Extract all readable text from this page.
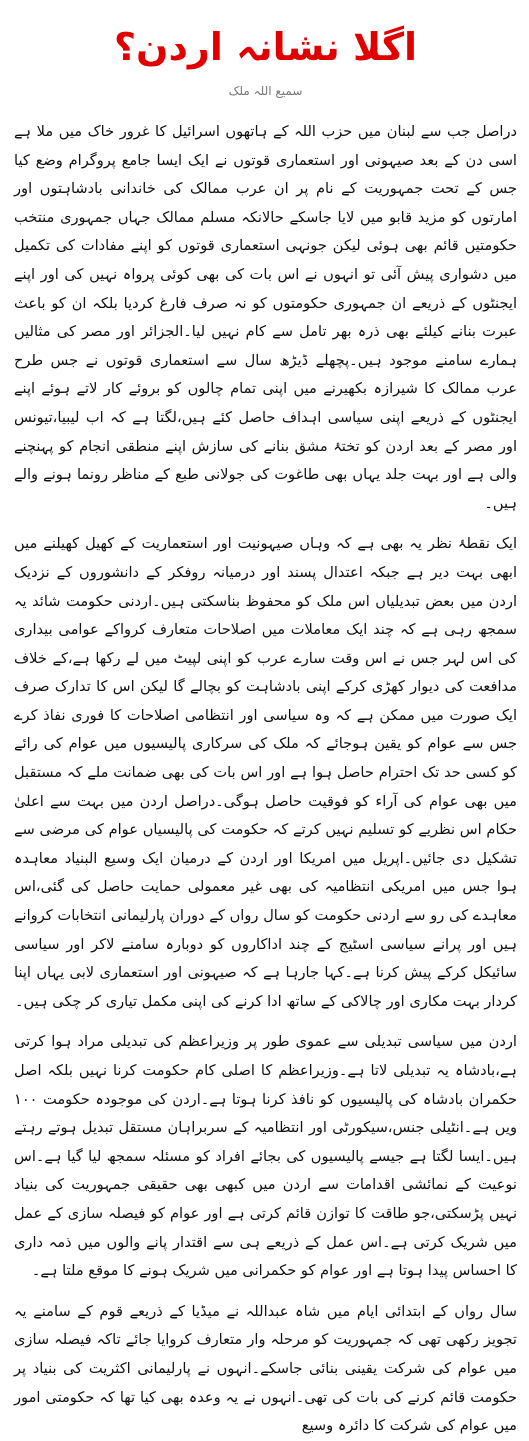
اگلا نشانہ اردن؟
سمیع اللہ ملک

دراصل جب سے لبنان میں حزب اللہ کے ہاتھوں اسرائیل کا غرور خاک میں ملا ہے اسی دن کے بعد صیہونی اور استعماری قوتوں نے ایک ایسا جامع پروگرام وضع کیا جس کے تحت جمہوریت کے نام پر ان عرب ممالک کی خاندانی بادشاہتوں اور امارتوں کو مزید قابو میں لایا جاسکے حالانکہ مسلم ممالک جہاں جمہوری منتخب حکومتیں قائم بھی ہوئی لیکن جونہی استعماری قوتوں کو اپنے مفادات کی تکمیل میں دشواری پیش آئی تو انہوں نے اس بات کی بھی کوئی پرواہ نہیں کی اور اپنے ایجنٹوں کے ذریعے ان جمہوری حکومتوں کو نہ صرف فارغ کردیا بلکہ ان کو باعث عبرت بنانے کیلئے بھی ذرہ بھر تامل سے کام نہیں لیا۔الجزائر اور مصر کی مثالیں ہمارے سامنے موجود ہیں۔پچھلے ڈیڑھ سال سے استعماری قوتوں نے جس طرح عرب ممالک کا شیرازہ بکھیرنے میں اپنی تمام چالوں کو بروئے کار لاتے ہوئے اپنے ایجنٹوں کے ذریعے اپنی سیاسی اہداف حاصل کئے ہیں،لگتا ہے کہ اب لیبیا،تیونس اور مصر کے بعد اردن کو تختۂ مشق بنانے کی سازش اپنے منطقی انجام کو پہنچنے والی ہے اور بہت جلد یہاں بھی طاغوت کی جولانی طبع کے مناظر رونما ہونے والے ہیں۔

ایک نقطۂ نظر یہ بھی ہے کہ وہاں صیہونیت اور استعماریت کے کھیل کھیلنے میں ابھی بہت دیر ہے جبکہ اعتدال پسند اور درمیانہ روفکر کے دانشوروں کے نزدیک اردن میں بعض تبدیلیاں اس ملک کو محفوظ بناسکتی ہیں۔اردنی حکومت شائد یہ سمجھ رہی ہے کہ چند ایک معاملات میں اصلاحات متعارف کرواکے عوامی بیداری کی اس لہر جس نے اس وقت سارے عرب کو اپنی لپیٹ میں لے رکھا ہے،کے خلاف مدافعت کی دیوار کھڑی کرکے اپنی بادشاہت کو بچالے گا لیکن اس کا تدارک صرف ایک صورت میں ممکن ہے کہ وہ سیاسی اور انتظامی اصلاحات کا فوری نفاذ کرے جس سے عوام کو یقین ہوجائے کہ ملک کی سرکاری پالیسیوں میں عوام کی رائے کو کسی حد تک احترام حاصل ہوا ہے اور اس بات کی بھی ضمانت ملے کہ مستقبل میں بھی عوام کی آراء کو فوقیت حاصل ہوگی۔دراصل اردن میں بہت سے اعلیٰ حکام اس نظریے کو تسلیم نہیں کرتے کہ حکومت کی پالیسیاں عوام کی مرضی سے تشکیل دی جائیں۔اپریل میں امریکا اور اردن کے درمیان ایک وسیع البنیاد معاہدہ ہوا جس میں امریکی انتظامیہ کی بھی غیر معمولی حمایت حاصل کی گئی،اس معاہدے کی رو سے اردنی حکومت کو سال رواں کے دوران پارلیمانی انتخابات کروانے ہیں اور پرانے سیاسی اسٹیج کے چند اداکاروں کو دوبارہ سامنے لاکر اور سیاسی سائیکل کرکے پیش کرنا ہے۔کہا جارہا ہے کہ صیہونی اور استعماری لابی یہاں اپنا کردار بہت مکاری اور چالاکی کے ساتھ ادا کرنے کی اپنی مکمل تیاری کر چکی ہیں۔

اردن میں سیاسی تبدیلی سے عموی طور پر وزیراعظم کی تبدیلی مراد ہوا کرتی ہے،بادشاہ یہ تبدیلی لاتا ہے۔وزیراعظم کا اصلی کام حکومت کرنا نہیں بلکہ اصل حکمران بادشاہ کی پالیسیوں کو نافذ کرنا ہوتا ہے۔اردن کی موجودہ حکومت ۱۰۰ ویں ہے۔انٹیلی جنس،سیکورٹی اور انتظامیہ کے سربراہان مستقل تبدیل ہوتے رہتے ہیں۔ایسا لگتا ہے جیسے پالیسیوں کی بجائے افراد کو مسئلہ سمجھ لیا گیا ہے۔اس نوعیت کے نمائشی اقدامات سے اردن میں کبھی بھی حقیقی جمہوریت کی بنیاد نہیں پڑسکتی،جو طاقت کا توازن قائم کرتی ہے اور عوام کو فیصلہ سازی کے عمل میں شریک کرتی ہے۔اس عمل کے ذریعے ہی سے اقتدار پانے والوں میں ذمہ داری کا احساس پیدا ہوتا ہے اور عوام کو حکمرانی میں شریک ہونے کا موقع ملتا ہے۔

سال رواں کے ابتدائی ایام میں شاہ عبداللہ نے میڈیا کے ذریعے قوم کے سامنے یہ تجویز رکھی تھی کہ جمہوریت کو مرحلہ وار متعارف کروایا جائے تاکہ فیصلہ سازی میں عوام کی شرکت یقینی بنائی جاسکے۔انہوں نے پارلیمانی اکثریت کی بنیاد پر حکومت قائم کرنے کی بات کی تھی۔انہوں نے یہ وعدہ بھی کیا تھا کہ حکومتی امور میں عوام کی شرکت کا دائرہ وسیع
